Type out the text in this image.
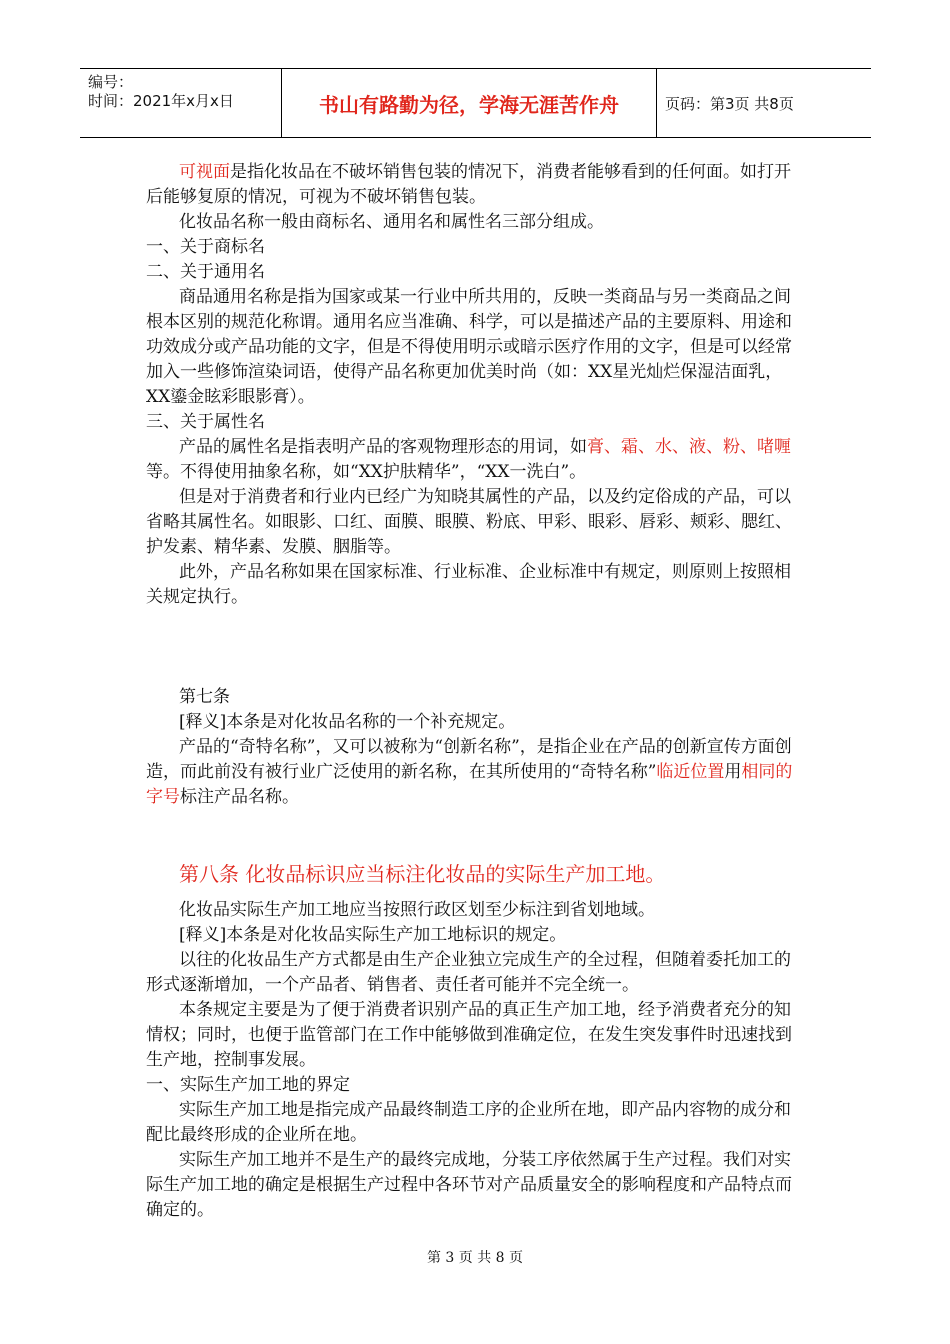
编号：
时间：2021年x月x日	书山有路勤为径，学海无涯苦作舟	页码：第3页 共8页

可视面是指化妆品在不破坏销售包装的情况下，消费者能够看到的任何面。如打开后能够复原的情况，可视为不破坏销售包装。

化妆品名称一般由商标名、通用名和属性名三部分组成。

一、关于商标名

二、关于通用名

商品通用名称是指为国家或某一行业中所共用的，反映一类商品与另一类商品之间根本区别的规范化称谓。通用名应当准确、科学，可以是描述产品的主要原料、用途和功效成分或产品功能的文字，但是不得使用明示或暗示医疗作用的文字，但是可以经常加入一些修饰渲染词语，使得产品名称更加优美时尚（如：XX星光灿烂保湿洁面乳，XX鎏金眩彩眼影膏）。

三、关于属性名

产品的属性名是指表明产品的客观物理形态的用词，如膏、霜、水、液、粉、啫喱等。不得使用抽象名称，如“XX护肤精华”，“XX一洗白”。

但是对于消费者和行业内已经广为知晓其属性的产品，以及约定俗成的产品，可以省略其属性名。如眼影、口红、面膜、眼膜、粉底、甲彩、眼彩、唇彩、颊彩、腮红、护发素、精华素、发膜、胭脂等。

此外，产品名称如果在国家标准、行业标准、企业标准中有规定，则原则上按照相关规定执行。

第七条

[释义]本条是对化妆品名称的一个补充规定。

产品的“奇特名称”，又可以被称为“创新名称”，是指企业在产品的创新宣传方面创造，而此前没有被行业广泛使用的新名称，在其所使用的“奇特名称”临近位置用相同的字号标注产品名称。

第八条 化妆品标识应当标注化妆品的实际生产加工地。

化妆品实际生产加工地应当按照行政区划至少标注到省划地域。

[释义]本条是对化妆品实际生产加工地标识的规定。

以往的化妆品生产方式都是由生产企业独立完成生产的全过程，但随着委托加工的形式逐渐增加，一个产品者、销售者、责任者可能并不完全统一。

本条规定主要是为了便于消费者识别产品的真正生产加工地，经予消费者充分的知情权；同时，也便于监管部门在工作中能够做到准确定位，在发生突发事件时迅速找到生产地，控制事发展。

一、实际生产加工地的界定

实际生产加工地是指完成产品最终制造工序的企业所在地，即产品内容物的成分和配比最终形成的企业所在地。

实际生产加工地并不是生产的最终完成地，分装工序依然属于生产过程。我们对实际生产加工地的确定是根据生产过程中各环节对产品质量安全的影响程度和产品特点而确定的。

第 3 页 共 8 页
